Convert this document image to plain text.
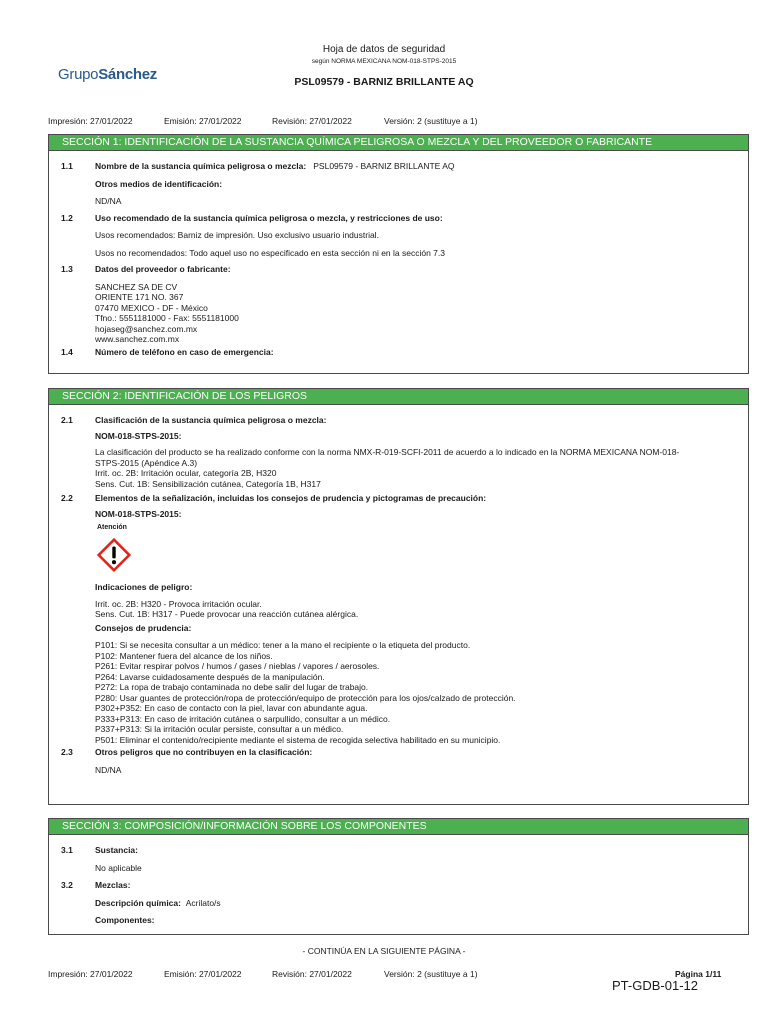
GrupoSánchez
Hoja de datos de seguridad
según NORMA MEXICANA NOM-018-STPS-2015
PSL09579 - BARNIZ BRILLANTE AQ
Impresión: 27/01/2022	Emisión: 27/01/2022	Revisión: 27/01/2022	Versión: 2 (sustituye a 1)
SECCIÓN 1: IDENTIFICACIÓN DE LA SUSTANCIA QUÍMICA PELIGROSA O MEZCLA Y DEL PROVEEDOR O FABRICANTE
1.1	Nombre de la sustancia química peligrosa o mezcla: PSL09579 - BARNIZ BRILLANTE AQ
Otros medios de identificación:
ND/NA
1.2	Uso recomendado de la sustancia química peligrosa o mezcla, y restricciones de uso:
Usos recomendados: Barniz de impresión. Uso exclusivo usuario industrial.
Usos no recomendados: Todo aquel uso no especificado en esta sección ni en la sección 7.3
1.3	Datos del proveedor o fabricante:
SANCHEZ SA DE CV
ORIENTE 171 NO. 367
07470 MEXICO - DF - México
Tfno.: 5551181000 - Fax: 5551181000
hojaseg@sanchez.com.mx
www.sanchez.com.mx
1.4	Número de teléfono en caso de emergencia:
SECCIÓN 2: IDENTIFICACIÓN DE LOS PELIGROS
2.1	Clasificación de la sustancia química peligrosa o mezcla:
NOM-018-STPS-2015:
La clasificación del producto se ha realizado conforme con la norma NMX-R-019-SCFI-2011 de acuerdo a lo indicado en la NORMA MEXICANA NOM-018-
STPS-2015 (Apéndice A.3)
Irrit. oc. 2B: Irritación ocular, categoría 2B, H320
Sens. Cut. 1B: Sensibilización cutánea, Categoría 1B, H317
2.2	Elementos de la señalización, incluidas los consejos de prudencia y pictogramas de precaución:
NOM-018-STPS-2015:
Atención
Indicaciones de peligro:
Irrit. oc. 2B: H320 - Provoca irritación ocular.
Sens. Cut. 1B: H317 - Puede provocar una reacción cutánea alérgica.
Consejos de prudencia:
P101: Si se necesita consultar a un médico: tener a la mano el recipiente o la etiqueta del producto.
P102: Mantener fuera del alcance de los niños.
P261: Evitar respirar polvos / humos / gases / nieblas / vapores / aerosoles.
P264: Lavarse cuidadosamente después de la manipulación.
P272: La ropa de trabajo contaminada no debe salir del lugar de trabajo.
P280: Usar guantes de protección/ropa de protección/equipo de protección para los ojos/calzado de protección.
P302+P352: En caso de contacto con la piel, lavar con abundante agua.
P333+P313: En caso de irritación cutánea o sarpullido, consultar a un médico.
P337+P313: Si la irritación ocular persiste, consultar a un médico.
P501: Eliminar el contenido/recipiente mediante el sistema de recogida selectiva habilitado en su municipio.
2.3	Otros peligros que no contribuyen en la clasificación:
ND/NA
SECCIÓN 3: COMPOSICIÓN/INFORMACIÓN SOBRE LOS COMPONENTES
3.1	Sustancia:
No aplicable
3.2	Mezclas:
Descripción química: Acrilato/s
Componentes:
- CONTINÚA EN LA SIGUIENTE PÁGINA -
Impresión: 27/01/2022	Emisión: 27/01/2022	Revisión: 27/01/2022	Versión: 2 (sustituye a 1)	Página 1/11
PT-GDB-01-12
